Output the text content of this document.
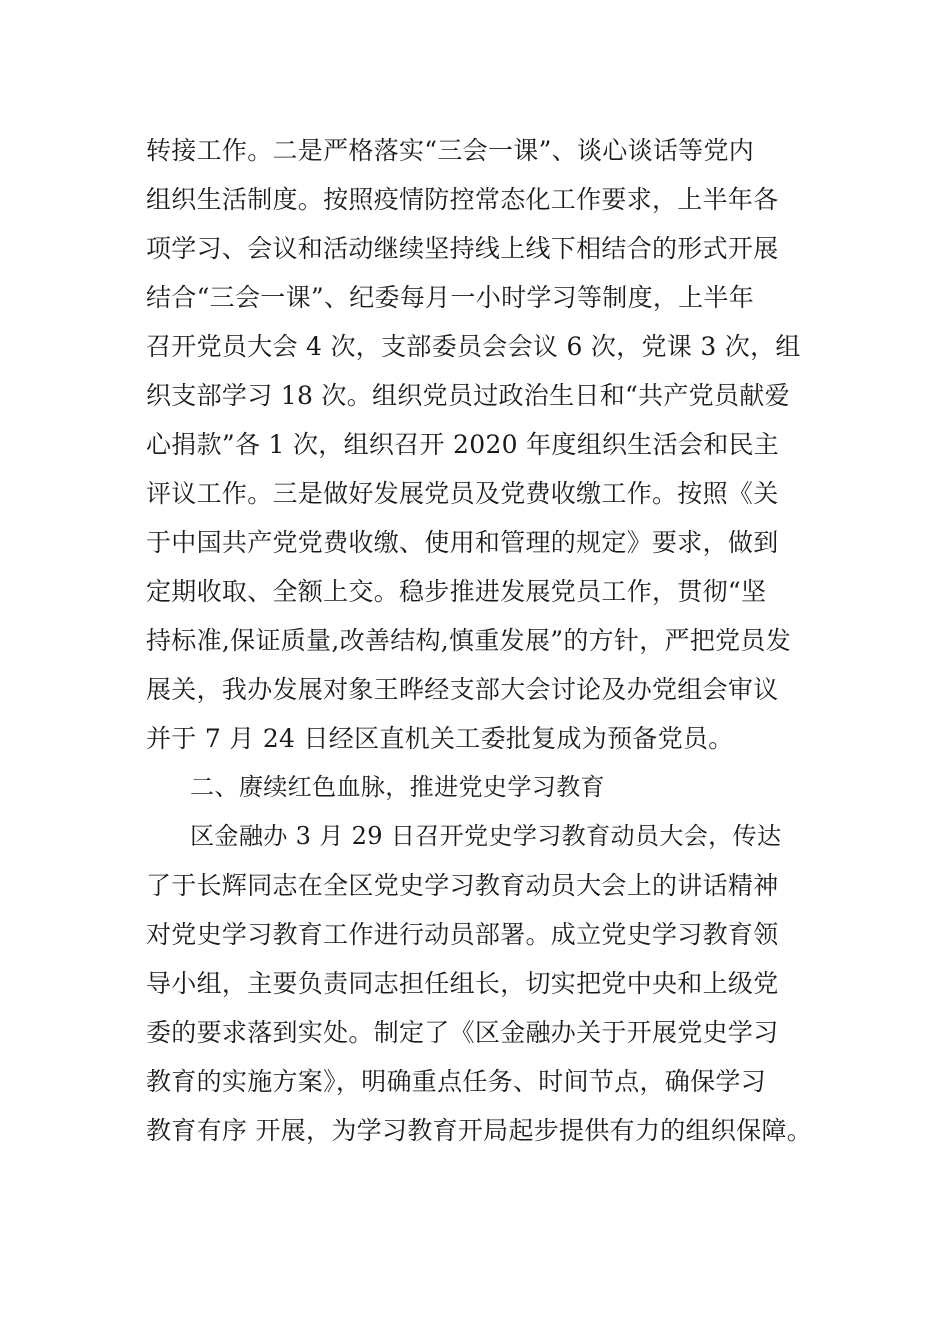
转接工作。二是严格落实“三会一课”、谈心谈话等党内
组织生活制度。按照疫情防控常态化工作要求，上半年各
项学习、会议和活动继续坚持线上线下相结合的形式开展
结合“三会一课”、纪委每月一小时学习等制度，上半年
召开党员大会 4 次，支部委员会会议 6 次，党课 3 次，组
织支部学习 18 次。组织党员过政治生日和“共产党员献爱
心捐款”各 1 次，组织召开 2020 年度组织生活会和民主
评议工作。三是做好发展党员及党费收缴工作。按照《关
于中国共产党党费收缴、使用和管理的规定》要求，做到
定期收取、全额上交。稳步推进发展党员工作，贯彻“坚
持标准,保证质量,改善结构,慎重发展”的方针，严把党员发
展关，我办发展对象王晔经支部大会讨论及办党组会审议
并于 7 月 24 日经区直机关工委批复成为预备党员。
二、赓续红色血脉，推进党史学习教育
区金融办 3 月 29 日召开党史学习教育动员大会，传达
了于长辉同志在全区党史学习教育动员大会上的讲话精神
对党史学习教育工作进行动员部署。成立党史学习教育领
导小组，主要负责同志担任组长，切实把党中央和上级党
委的要求落到实处。制定了《区金融办关于开展党史学习
教育的实施方案》，明确重点任务、时间节点，确保学习
教育有序 开展，为学习教育开局起步提供有力的组织保障。
